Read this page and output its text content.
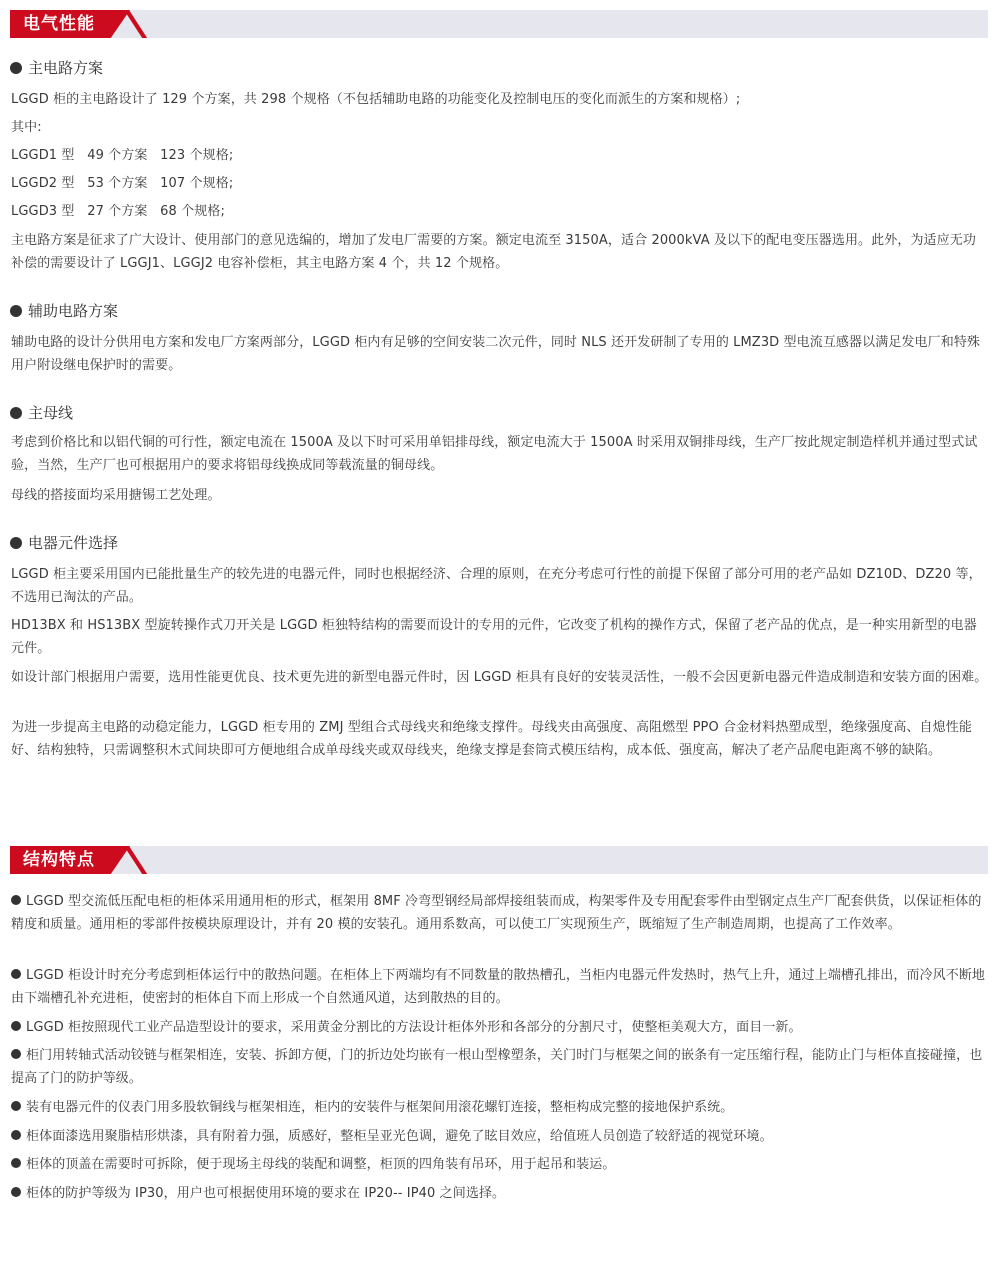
电气性能
主电路方案

LGGD 柜的主电路设计了 129 个方案，共 298 个规格（不包括辅助电路的功能变化及控制电压的变化而派生的方案和规格）;

其中:

LGGD1 型   49 个方案   123 个规格;

LGGD2 型   53 个方案   107 个规格;

LGGD3 型   27 个方案   68 个规格;

主电路方案是征求了广大设计、使用部门的意见选编的，增加了发电厂需要的方案。额定电流至 3150A，适合 2000kVA 及以下的配电变压器选用。此外，为适应无功补偿的需要设计了 LGGJ1、LGGJ2 电容补偿柜，其主电路方案 4 个，共 12 个规格。

辅助电路方案

辅助电路的设计分供用电方案和发电厂方案两部分，LGGD 柜内有足够的空间安装二次元件，同时 NLS 还开发研制了专用的 LMZ3D 型电流互感器以满足发电厂和特殊用户附设继电保护时的需要。

主母线

考虑到价格比和以铝代铜的可行性，额定电流在 1500A 及以下时可采用单铝排母线，额定电流大于 1500A 时采用双铜排母线，生产厂按此规定制造样机并通过型式试验，当然，生产厂也可根据用户的要求将铝母线换成同等载流量的铜母线。

母线的搭接面均采用搪锡工艺处理。

电器元件选择

LGGD 柜主要采用国内已能批量生产的较先进的电器元件，同时也根据经济、合理的原则，在充分考虑可行性的前提下保留了部分可用的老产品如 DZ10D、DZ20 等，不选用已淘汰的产品。

HD13BX 和 HS13BX 型旋转操作式刀开关是 LGGD 柜独特结构的需要而设计的专用的元件，它改变了机构的操作方式，保留了老产品的优点，是一种实用新型的电器元件。

如设计部门根据用户需要，选用性能更优良、技术更先进的新型电器元件时，因 LGGD 柜具有良好的安装灵活性，一般不会因更新电器元件造成制造和安装方面的困难。

为进一步提高主电路的动稳定能力，LGGD 柜专用的 ZMJ 型组合式母线夹和绝缘支撑件。母线夹由高强度、高阻燃型 PPO 合金材料热塑成型，绝缘强度高、自熄性能好、结构独特，只需调整积木式间块即可方便地组合成单母线夹或双母线夹，绝缘支撑是套筒式模压结构，成本低、强度高，解决了老产品爬电距离不够的缺陷。

结构特点

LGGD 型交流低压配电柜的柜体采用通用柜的形式，框架用 8MF 冷弯型钢经局部焊接组装而成，构架零件及专用配套零件由型钢定点生产厂配套供货，以保证柜体的精度和质量。通用柜的零部件按模块原理设计，并有 20 模的安装孔。通用系数高，可以使工厂实现预生产，既缩短了生产制造周期，也提高了工作效率。

LGGD 柜设计时充分考虑到柜体运行中的散热问题。在柜体上下两端均有不同数量的散热槽孔，当柜内电器元件发热时，热气上升，通过上端槽孔排出，而冷风不断地由下端槽孔补充进柜，使密封的柜体自下而上形成一个自然通风道，达到散热的目的。

LGGD 柜按照现代工业产品造型设计的要求，采用黄金分割比的方法设计柜体外形和各部分的分割尺寸，使整柜美观大方，面目一新。

柜门用转轴式活动铰链与框架相连，安装、拆卸方便，门的折边处均嵌有一根山型橡塑条，关门时门与框架之间的嵌条有一定压缩行程，能防止门与柜体直接碰撞，也提高了门的防护等级。

装有电器元件的仪表门用多股软铜线与框架相连，柜内的安装件与框架间用滚花螺钉连接，整柜构成完整的接地保护系统。

柜体面漆选用聚脂桔形烘漆，具有附着力强，质感好，整柜呈亚光色调，避免了眩目效应，给值班人员创造了较舒适的视觉环境。

柜体的顶盖在需要时可拆除，便于现场主母线的装配和调整，柜顶的四角装有吊环，用于起吊和装运。

柜体的防护等级为 IP30，用户也可根据使用环境的要求在 IP20-- IP40 之间选择。
